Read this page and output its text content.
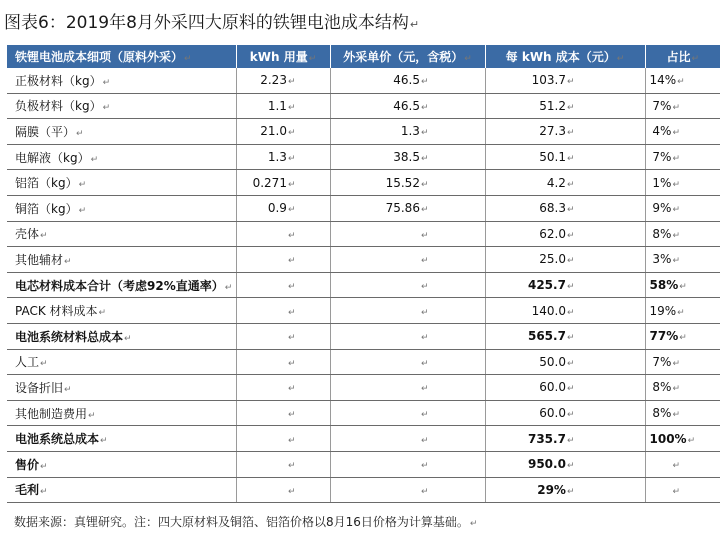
图表6：2019年8月外采四大原料的铁锂电池成本结构↵
铁锂电池成本细项（原料外采）↵	kWh 用量↵	外采单价（元，含税）↵	每 kWh 成本（元）↵	占比↵
正极材料（kg）↵	2.23↵	46.5↵	103.7↵	14%↵
负极材料（kg）↵	1.1↵	46.5↵	51.2↵	7%↵
隔膜（平）↵	21.0↵	1.3↵	27.3↵	4%↵
电解液（kg）↵	1.3↵	38.5↵	50.1↵	7%↵
铝箔（kg）↵	0.271↵	15.52↵	4.2↵	1%↵
铜箔（kg）↵	0.9↵	75.86↵	68.3↵	9%↵
壳体↵	↵	↵	62.0↵	8%↵
其他辅材↵	↵	↵	25.0↵	3%↵
电芯材料成本合计（考虑92%直通率）↵	↵	↵	425.7↵	58%↵
PACK 材料成本↵	↵	↵	140.0↵	19%↵
电池系统材料总成本↵	↵	↵	565.7↵	77%↵
人工↵	↵	↵	50.0↵	7%↵
设备折旧↵	↵	↵	60.0↵	8%↵
其他制造费用↵	↵	↵	60.0↵	8%↵
电池系统总成本↵	↵	↵	735.7↵	100%↵
售价↵	↵	↵	950.0↵	↵
毛利↵	↵	↵	29%↵	↵
数据来源：真锂研究。注：四大原材料及铜箔、铝箔价格以8月16日价格为计算基础。↵
